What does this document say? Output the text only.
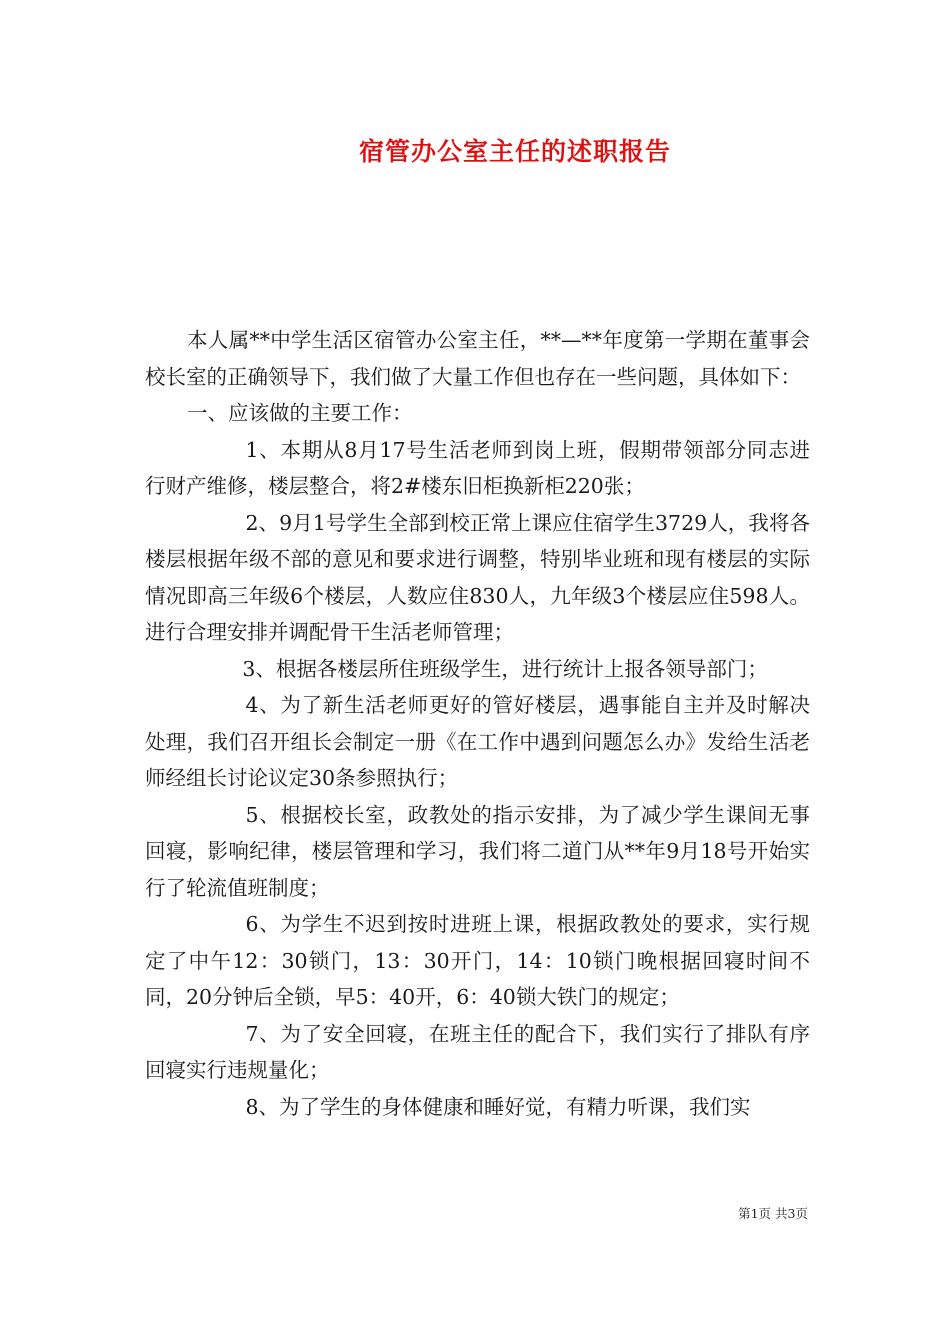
宿管办公室主任的述职报告

本人属**中学生活区宿管办公室主任，**—**年度第一学期在董事会校长室的正确领导下，我们做了大量工作但也存在一些问题，具体如下：

一、应该做的主要工作：

1、本期从8月17号生活老师到岗上班，假期带领部分同志进行财产维修，楼层整合，将2#楼东旧柜换新柜220张；

2、9月1号学生全部到校正常上课应住宿学生3729人，我将各楼层根据年级不部的意见和要求进行调整，特别毕业班和现有楼层的实际情况即高三年级6个楼层，人数应住830人，九年级3个楼层应住598人。进行合理安排并调配骨干生活老师管理；

3、根据各楼层所住班级学生，进行统计上报各领导部门；

4、为了新生活老师更好的管好楼层，遇事能自主并及时解决处理，我们召开组长会制定一册《在工作中遇到问题怎么办》发给生活老师经组长讨论议定30条参照执行；

5、根据校长室，政教处的指示安排，为了减少学生课间无事回寝，影响纪律，楼层管理和学习，我们将二道门从**年9月18号开始实行了轮流值班制度；

6、为学生不迟到按时进班上课，根据政教处的要求，实行规定了中午12：30锁门，13：30开门，14：10锁门晚根据回寝时间不同，20分钟后全锁，早5：40开，6：40锁大铁门的规定；

7、为了安全回寝，在班主任的配合下，我们实行了排队有序回寝实行违规量化；

8、为了学生的身体健康和睡好觉，有精力听课，我们实

第1页 共3页
